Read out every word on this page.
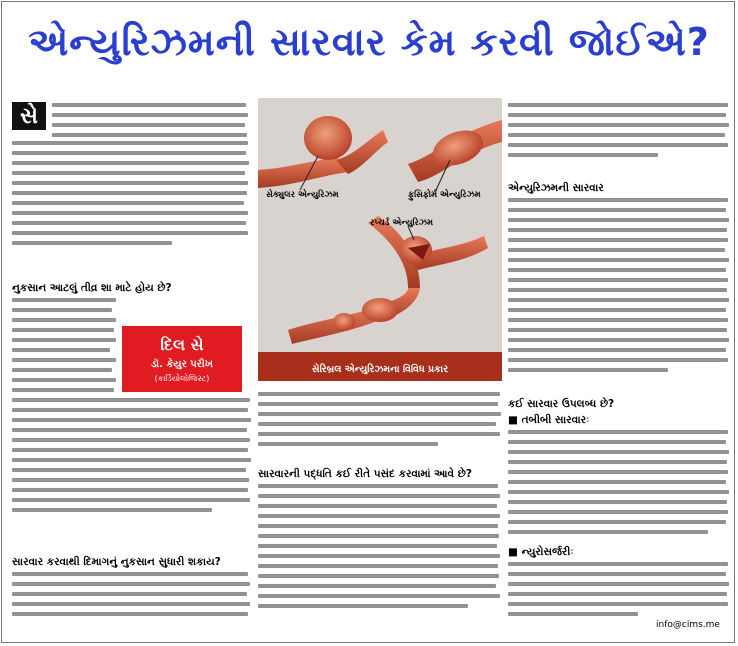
એન્યુરિઝમની સારવાર કેમ કરવી જોઈએ?
સે
નુકસાન આટલું તીવ્ર શા માટે હોય છે?
દિલ સે
ડૉ. કેયુર પરીખ
(કાર્ડિયોલોજિસ્ટ)
સારવાર કરવાથી દિમાગનું નુકસાન સુધારી શકાય?
સેક્યુલર એન્યુરિઝમ	ફુસિફોર્મ એન્યુરિઝમ
રપ્ચર્ડ એન્યુરિઝમ
સેરિબ્રલ એન્યુરિઝમના વિવિધ પ્રકાર
સારવારની પદ્ધતિ કઈ રીતે પસંદ કરવામાં આવે છે?
એન્યુરિઝમની સારવાર
કઈ સારવાર ઉપલબ્ધ છે?
■ તબીબી સારવારઃ
■ ન્યુરોસર્જરીઃ
info@cims.me
